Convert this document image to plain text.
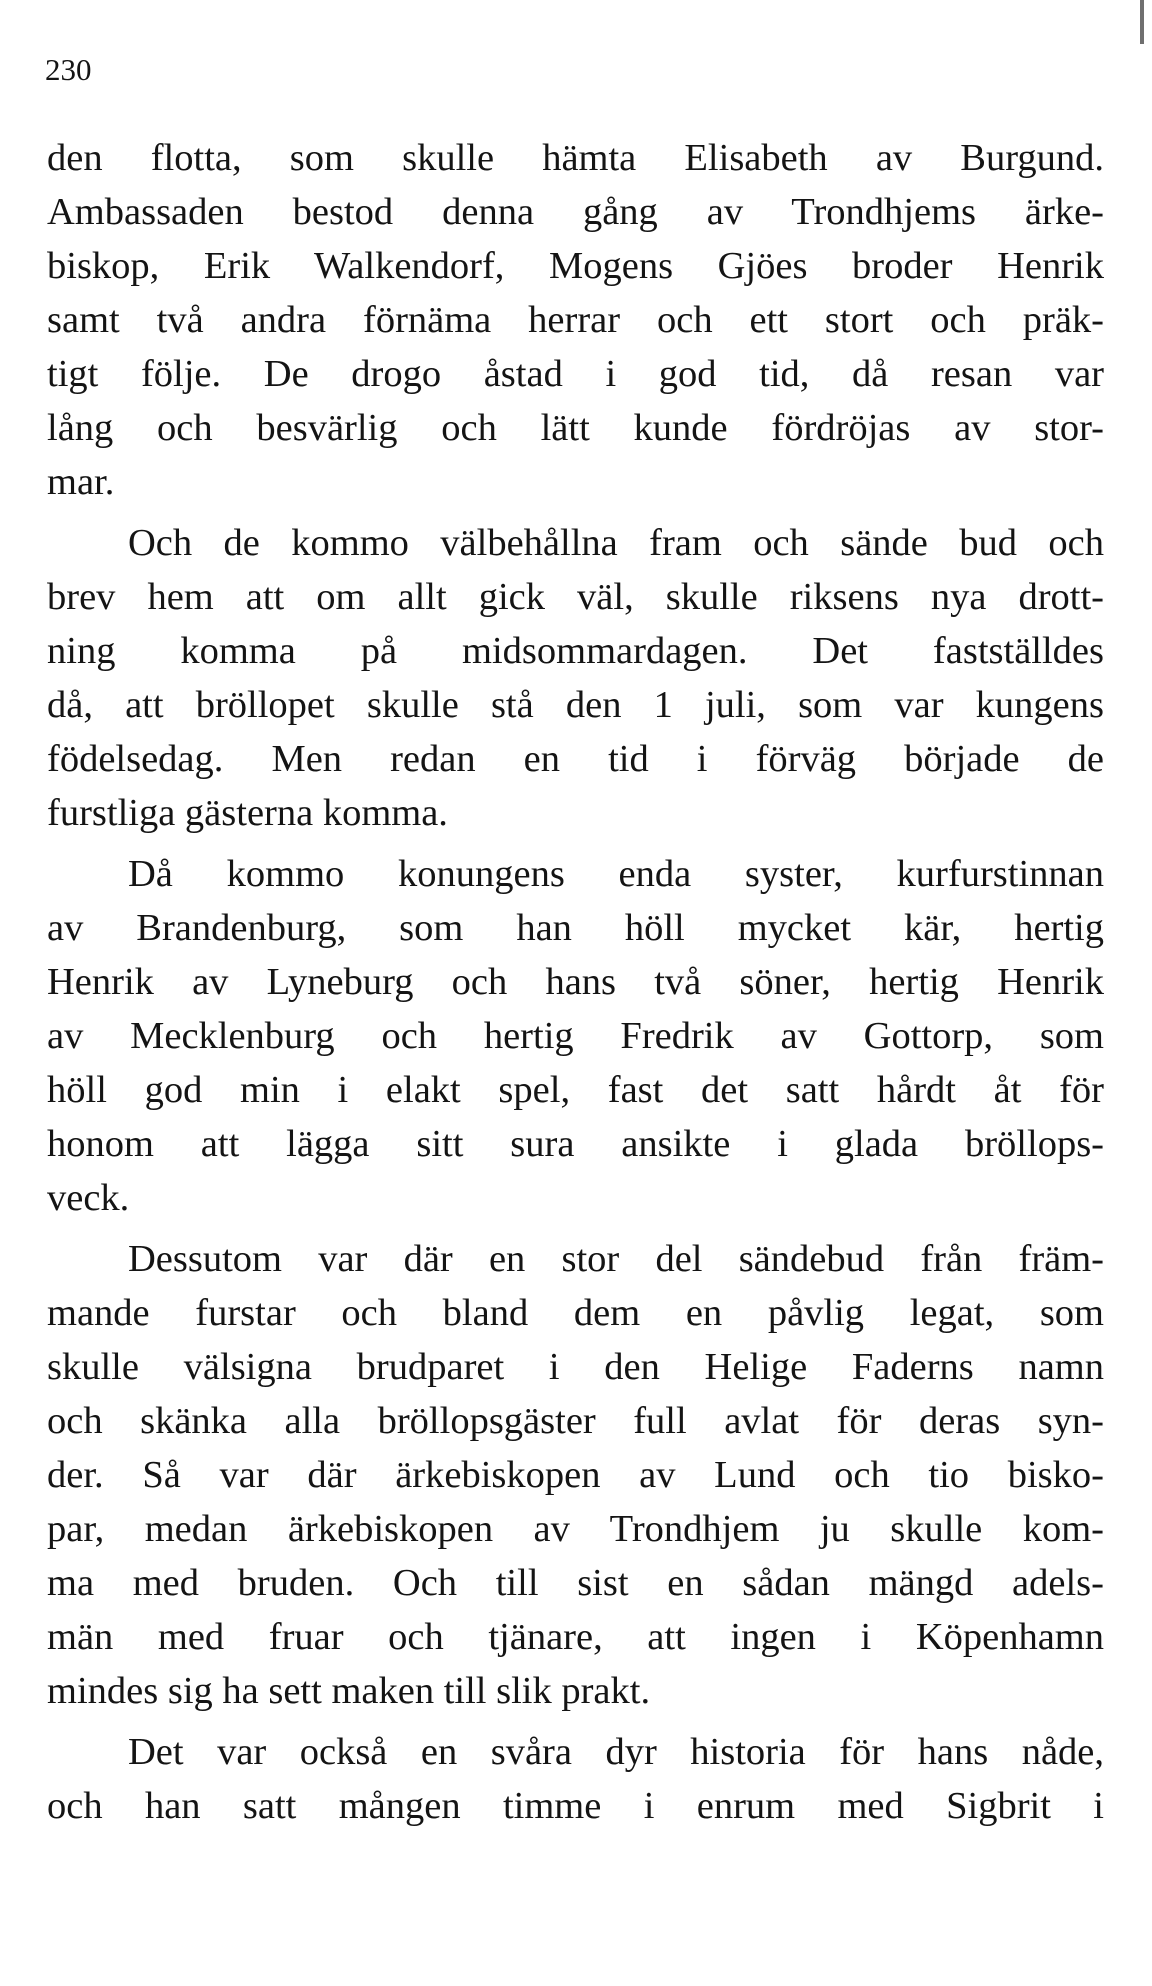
230

den flotta, som skulle hämta Elisabeth av Burgund.
Ambassaden bestod denna gång av Trondhjems ärke-
biskop, Erik Walkendorf, Mogens Gjöes broder Henrik
samt två andra förnäma herrar och ett stort och präk-
tigt följe. De drogo åstad i god tid, då resan var
lång och besvärlig och lätt kunde fördröjas av stor-
mar.

Och de kommo välbehållna fram och sände bud och
brev hem att om allt gick väl, skulle riksens nya drott-
ning komma på midsommardagen. Det fastställdes
då, att bröllopet skulle stå den 1 juli, som var kungens
födelsedag. Men redan en tid i förväg började de
furstliga gästerna komma.

Då kommo konungens enda syster, kurfurstinnan
av Brandenburg, som han höll mycket kär, hertig
Henrik av Lyneburg och hans två söner, hertig Henrik
av Mecklenburg och hertig Fredrik av Gottorp, som
höll god min i elakt spel, fast det satt hårdt åt för
honom att lägga sitt sura ansikte i glada bröllops-
veck.

Dessutom var där en stor del sändebud från främ-
mande furstar och bland dem en påvlig legat, som
skulle välsigna brudparet i den Helige Faderns namn
och skänka alla bröllopsgäster full avlat för deras syn-
der. Så var där ärkebiskopen av Lund och tio bisko-
par, medan ärkebiskopen av Trondhjem ju skulle kom-
ma med bruden. Och till sist en sådan mängd adels-
män med fruar och tjänare, att ingen i Köpenhamn
mindes sig ha sett maken till slik prakt.

Det var också en svåra dyr historia för hans nåde,
och han satt mången timme i enrum med Sigbrit i
